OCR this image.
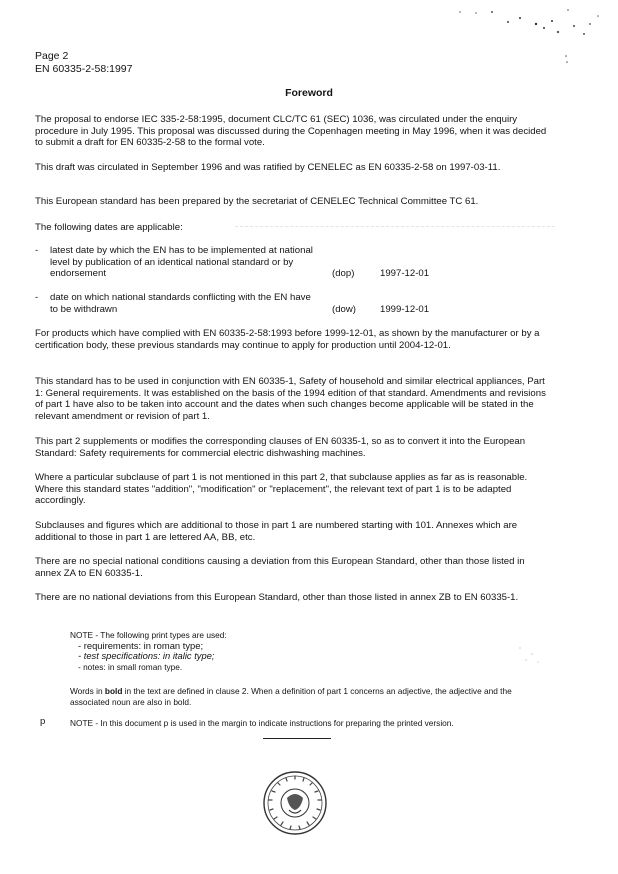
Page 2
EN 60335-2-58:1997
Foreword

The proposal to endorse IEC 335-2-58:1995, document CLC/TC 61 (SEC) 1036, was circulated under the enquiry procedure in July 1995. This proposal was discussed during the Copenhagen meeting in May 1996, when it was decided to submit a draft for EN 60335-2-58 to the formal vote.

This draft was circulated in September 1996 and was ratified by CENELEC as EN 60335-2-58 on 1997-03-11.

This European standard has been prepared by the secretariat of CENELEC Technical Committee TC 61.

The following dates are applicable:

- latest date by which the EN has to be implemented at national level by publication of an identical national standard or by endorsement	(dop)	1997-12-01
- date on which national standards conflicting with the EN have to be withdrawn	(dow)	1999-12-01

For products which have complied with EN 60335-2-58:1993 before 1999-12-01, as shown by the manufacturer or by a certification body, these previous standards may continue to apply for production until 2004-12-01.

This standard has to be used in conjunction with EN 60335-1, Safety of household and similar electrical appliances, Part 1: General requirements. It was established on the basis of the 1994 edition of that standard. Amendments and revisions of part 1 have also to be taken into account and the dates when such changes become applicable will be stated in the relevant amendment or revision of part 1.

This part 2 supplements or modifies the corresponding clauses of EN 60335-1, so as to convert it into the European Standard: Safety requirements for commercial electric dishwashing machines.

Where a particular subclause of part 1 is not mentioned in this part 2, that subclause applies as far as is reasonable. Where this standard states "addition", "modification" or "replacement", the relevant text of part 1 is to be adapted accordingly.

Subclauses and figures which are additional to those in part 1 are numbered starting with 101. Annexes which are additional to those in part 1 are lettered AA, BB, etc.

There are no special national conditions causing a deviation from this European Standard, other than those listed in annex ZA to EN 60335-1.

There are no national deviations from this European Standard, other than those listed in annex ZB to EN 60335-1.

NOTE - The following print types are used:
- requirements: in roman type;
- test specifications: in italic type;
- notes: in small roman type.

Words in bold in the text are defined in clause 2. When a definition of part 1 concerns an adjective, the adjective and the associated noun are also in bold.

p	NOTE - In this document p is used in the margin to indicate instructions for preparing the printed version.
